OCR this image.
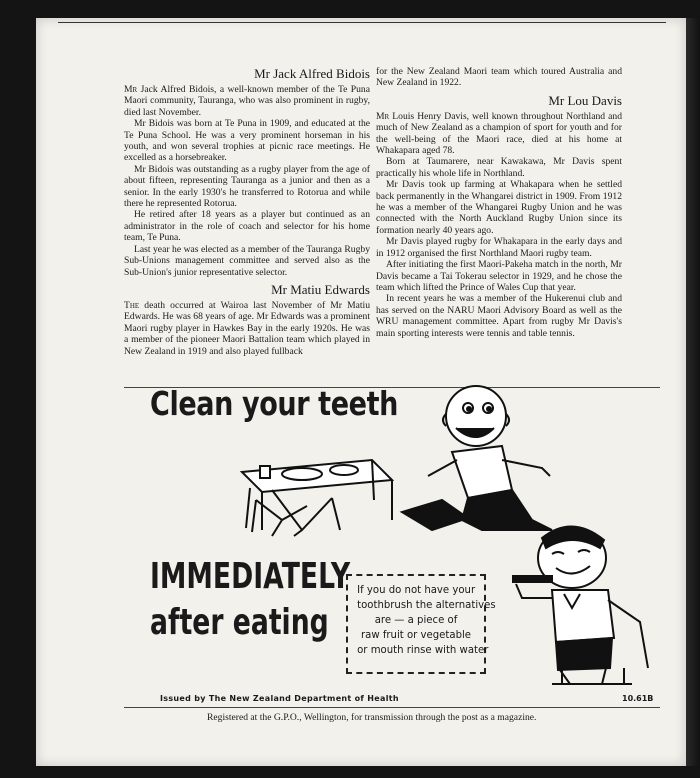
Mr Jack Alfred Bidois

Mr Jack Alfred Bidois, a well-known member of the Te Puna Maori community, Tauranga, who was also prominent in rugby, died last November.

Mr Bidois was born at Te Puna in 1909, and educated at the Te Puna School. He was a very prominent horseman in his youth, and won several trophies at picnic race meetings. He excelled as a horsebreaker.

Mr Bidois was outstanding as a rugby player from the age of about fifteen, representing Tauranga as a junior and then as a senior. In the early 1930's he transferred to Rotorua and while there he represented Rotorua.

He retired after 18 years as a player but continued as an administrator in the role of coach and selector for his home team, Te Puna.

Last year he was elected as a member of the Tauranga Rugby Sub-Unions management committee and served also as the Sub-Union's junior representative selector.

Mr Matiu Edwards

The death occurred at Wairoa last November of Mr Matiu Edwards. He was 68 years of age. Mr Edwards was a prominent Maori rugby player in Hawkes Bay in the early 1920s. He was a member of the pioneer Maori Battalion team which played in New Zealand in 1919 and also played fullback

for the New Zealand Maori team which toured Australia and New Zealand in 1922.

Mr Lou Davis

Mr Louis Henry Davis, well known throughout Northland and much of New Zealand as a champion of sport for youth and for the well-being of the Maori race, died at his home at Whakapara aged 78.

Born at Taumarere, near Kawakawa, Mr Davis spent practically his whole life in Northland.

Mr Davis took up farming at Whakapara when he settled back permanently in the Whangarei district in 1909. From 1912 he was a member of the Whangarei Rugby Union and he was connected with the North Auckland Rugby Union since its formation nearly 40 years ago.

Mr Davis played rugby for Whakapara in the early days and in 1912 organised the first Northland Maori rugby team.

After initiating the first Maori-Pakeha match in the north, Mr Davis became a Tai Tokerau selector in 1929, and he chose the team which lifted the Prince of Wales Cup that year.

In recent years he was a member of the Hukerenui club and has served on the NARU Maori Advisory Board as well as the WRU management committee. Apart from rugby Mr Davis's main sporting interests were tennis and table tennis.

Clean your teeth
IMMEDIATELY
after eating
If you do not have your
toothbrush the alternatives
are — a piece of
raw fruit or vegetable
or mouth rinse with water
Issued by The New Zealand Department of Health	10.61B
Registered at the G.P.O., Wellington, for transmission through the post as a magazine.
